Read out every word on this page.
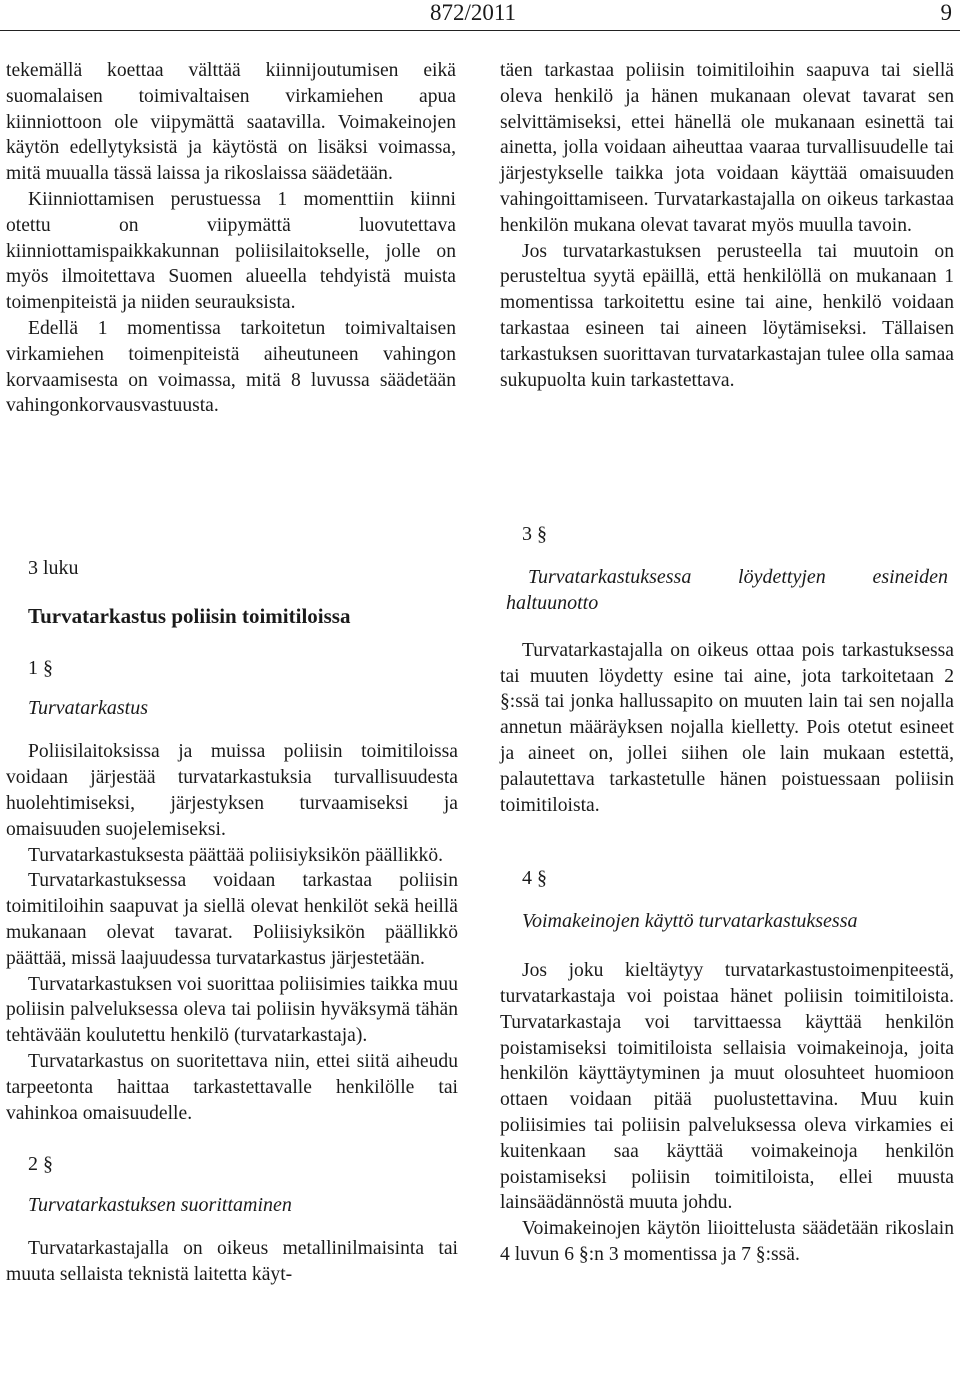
872/2011	9

tekemällä koettaa välttää kiinnijoutumisen eikä suomalaisen toimivaltaisen virkamiehen apua kiinniottoon ole viipymättä saatavilla. Voimakeinojen käytön edellytyksistä ja käytöstä on lisäksi voimassa, mitä muualla tässä laissa ja rikoslaissa säädetään.

Kiinniottamisen perustuessa 1 momenttiin kiinni otettu on viipymättä luovutettava kiinniottamispaikkakunnan poliisilaitokselle, jolle on myös ilmoitettava Suomen alueella tehdyistä muista toimenpiteistä ja niiden seurauksista.

Edellä 1 momentissa tarkoitetun toimivaltaisen virkamiehen toimenpiteistä aiheutuneen vahingon korvaamisesta on voimassa, mitä 8 luvussa säädetään vahingonkorvausvastuusta.

täen tarkastaa poliisin toimitiloihin saapuva tai siellä oleva henkilö ja hänen mukanaan olevat tavarat sen selvittämiseksi, ettei hänellä ole mukanaan esinettä tai ainetta, jolla voidaan aiheuttaa vaaraa turvallisuudelle tai järjestykselle taikka jota voidaan käyttää omaisuuden vahingoittamiseen. Turvatarkastajalla on oikeus tarkastaa henkilön mukana olevat tavarat myös muulla tavoin.

Jos turvatarkastuksen perusteella tai muutoin on perusteltua syytä epäillä, että henkilöllä on mukanaan 1 momentissa tarkoitettu esine tai aine, henkilö voidaan tarkastaa esineen tai aineen löytämiseksi. Tällaisen tarkastuksen suorittavan turvatarkastajan tulee olla samaa sukupuolta kuin tarkastettava.

3 luku

Turvatarkastus poliisin toimitiloissa

1 §

Turvatarkastus

Poliisilaitoksissa ja muissa poliisin toimitiloissa voidaan järjestää turvatarkastuksia turvallisuudesta huolehtimiseksi, järjestyksen turvaamiseksi ja omaisuuden suojelemiseksi.

Turvatarkastuksesta päättää poliisiyksikön päällikkö.

Turvatarkastuksessa voidaan tarkastaa poliisin toimitiloihin saapuvat ja siellä olevat henkilöt sekä heillä mukanaan olevat tavarat. Poliisiyksikön päällikkö päättää, missä laajuudessa turvatarkastus järjestetään.

Turvatarkastuksen voi suorittaa poliisimies taikka muu poliisin palveluksessa oleva tai poliisin hyväksymä tähän tehtävään koulutettu henkilö (turvatarkastaja).

Turvatarkastus on suoritettava niin, ettei siitä aiheudu tarpeetonta haittaa tarkastettavalle henkilölle tai vahinkoa omaisuudelle.

2 §

Turvatarkastuksen suorittaminen

Turvatarkastajalla on oikeus metallinilmaisinta tai muuta sellaista teknistä laitetta käyt-

3 §

Turvatarkastuksessa löydettyjen esineiden haltuunotto

Turvatarkastajalla on oikeus ottaa pois tarkastuksessa tai muuten löydetty esine tai aine, jota tarkoitetaan 2 §:ssä tai jonka hallussapito on muuten lain tai sen nojalla annetun määräyksen nojalla kielletty. Pois otetut esineet ja aineet on, jollei siihen ole lain mukaan estettä, palautettava tarkastetulle hänen poistuessaan poliisin toimitiloista.

4 §

Voimakeinojen käyttö turvatarkastuksessa

Jos joku kieltäytyy turvatarkastustoimenpiteestä, turvatarkastaja voi poistaa hänet poliisin toimitiloista. Turvatarkastaja voi tarvittaessa käyttää henkilön poistamiseksi toimitiloista sellaisia voimakeinoja, joita henkilön käyttäytyminen ja muut olosuhteet huomioon ottaen voidaan pitää puolustettavina. Muu kuin poliisimies tai poliisin palveluksessa oleva virkamies ei kuitenkaan saa käyttää voimakeinoja henkilön poistamiseksi poliisin toimitiloista, ellei muusta lainsäädännöstä muuta johdu.

Voimakeinojen käytön liioittelusta säädetään rikoslain 4 luvun 6 §:n 3 momentissa ja 7 §:ssä.
